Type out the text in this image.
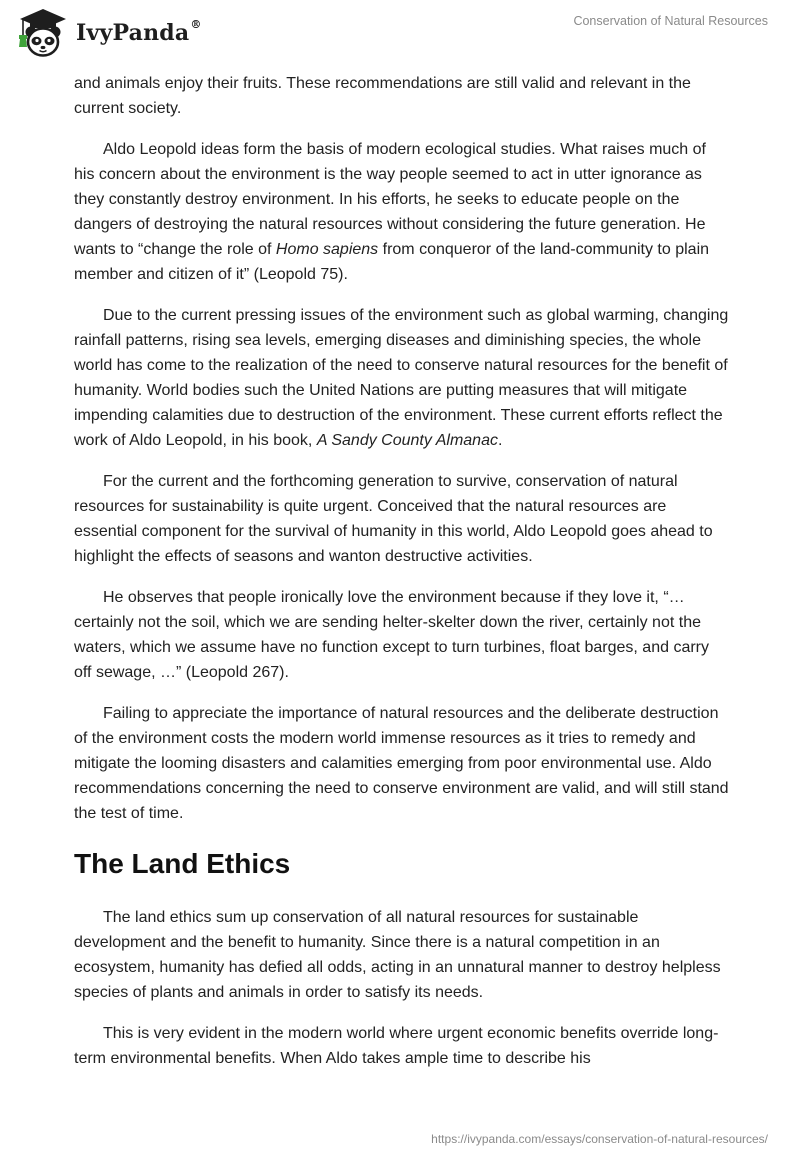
IvyPanda®	Conservation of Natural Resources

and animals enjoy their fruits. These recommendations are still valid and relevant in the current society.

Aldo Leopold ideas form the basis of modern ecological studies. What raises much of his concern about the environment is the way people seemed to act in utter ignorance as they constantly destroy environment. In his efforts, he seeks to educate people on the dangers of destroying the natural resources without considering the future generation. He wants to “change the role of Homo sapiens from conqueror of the land-community to plain member and citizen of it” (Leopold 75).

Due to the current pressing issues of the environment such as global warming, changing rainfall patterns, rising sea levels, emerging diseases and diminishing species, the whole world has come to the realization of the need to conserve natural resources for the benefit of humanity. World bodies such the United Nations are putting measures that will mitigate impending calamities due to destruction of the environment. These current efforts reflect the work of Aldo Leopold, in his book, A Sandy County Almanac.

For the current and the forthcoming generation to survive, conservation of natural resources for sustainability is quite urgent. Conceived that the natural resources are essential component for the survival of humanity in this world, Aldo Leopold goes ahead to highlight the effects of seasons and wanton destructive activities.

He observes that people ironically love the environment because if they love it, “… certainly not the soil, which we are sending helter-skelter down the river, certainly not the waters, which we assume have no function except to turn turbines, float barges, and carry off sewage, …” (Leopold 267).

Failing to appreciate the importance of natural resources and the deliberate destruction of the environment costs the modern world immense resources as it tries to remedy and mitigate the looming disasters and calamities emerging from poor environmental use. Aldo recommendations concerning the need to conserve environment are valid, and will still stand the test of time.

The Land Ethics

The land ethics sum up conservation of all natural resources for sustainable development and the benefit to humanity. Since there is a natural competition in an ecosystem, humanity has defied all odds, acting in an unnatural manner to destroy helpless species of plants and animals in order to satisfy its needs.

This is very evident in the modern world where urgent economic benefits override long-term environmental benefits. When Aldo takes ample time to describe his

https://ivypanda.com/essays/conservation-of-natural-resources/
